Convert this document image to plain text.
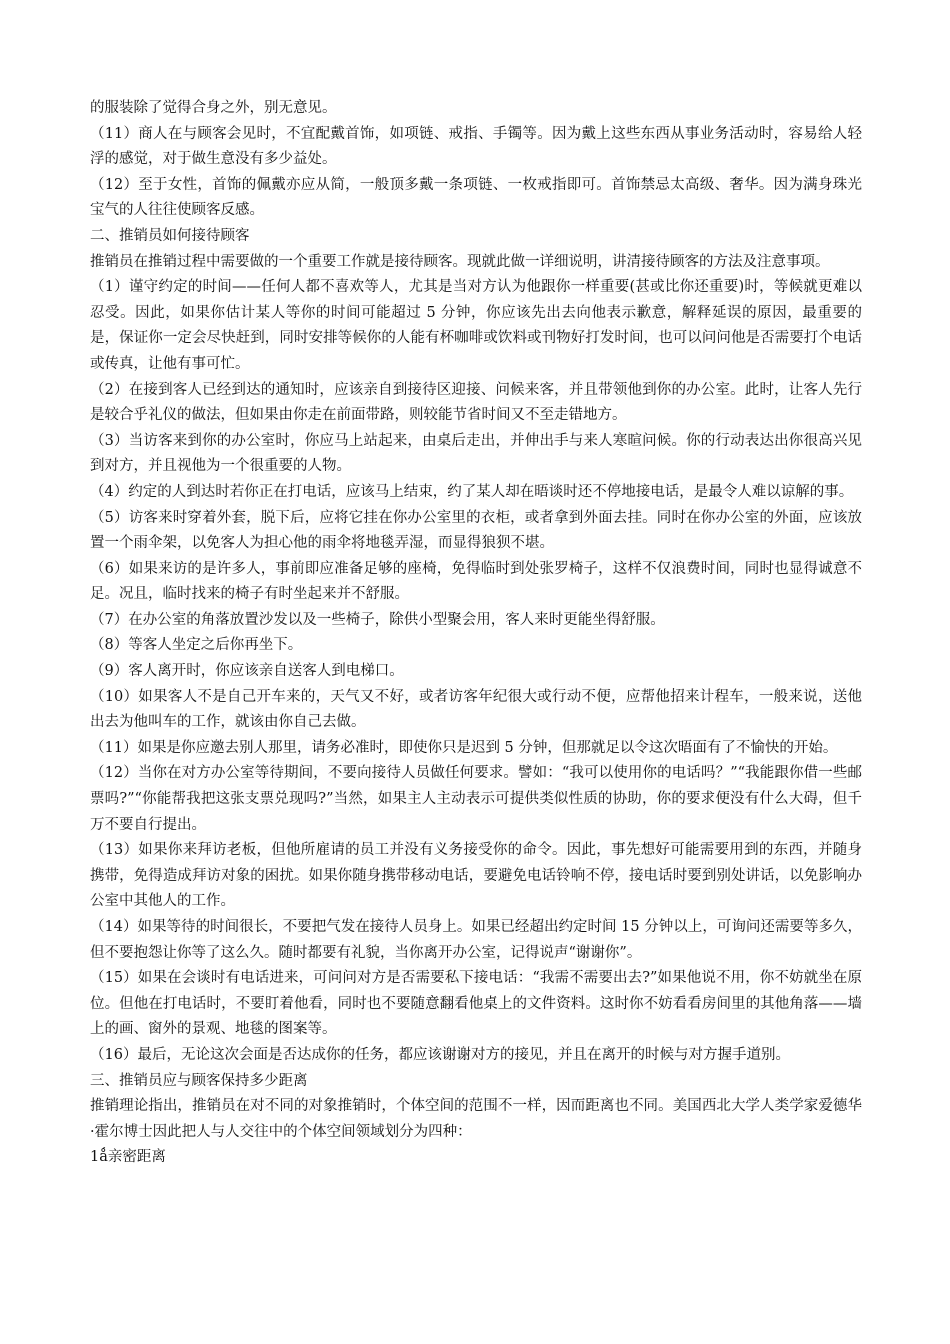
的服装除了觉得合身之外，别无意见。

（11）商人在与顾客会见时，不宜配戴首饰，如项链、戒指、手镯等。因为戴上这些东西从事业务活动时，容易给人轻浮的感觉，对于做生意没有多少益处。

（12）至于女性，首饰的佩戴亦应从简，一般顶多戴一条项链、一枚戒指即可。首饰禁忌太高级、奢华。因为满身珠光宝气的人往往使顾客反感。

二、推销员如何接待顾客

推销员在推销过程中需要做的一个重要工作就是接待顾客。现就此做一详细说明，讲清接待顾客的方法及注意事项。

（1）谨守约定的时间——任何人都不喜欢等人，尤其是当对方认为他跟你一样重要(甚或比你还重要)时，等候就更难以忍受。因此，如果你估计某人等你的时间可能超过 5 分钟，你应该先出去向他表示歉意，解释延误的原因，最重要的是，保证你一定会尽快赶到，同时安排等候你的人能有杯咖啡或饮料或刊物好打发时间，也可以问问他是否需要打个电话或传真，让他有事可忙。

（2）在接到客人已经到达的通知时，应该亲自到接待区迎接、问候来客，并且带领他到你的办公室。此时，让客人先行是较合乎礼仪的做法，但如果由你走在前面带路，则较能节省时间又不至走错地方。

（3）当访客来到你的办公室时，你应马上站起来，由桌后走出，并伸出手与来人寒暄问候。你的行动表达出你很高兴见到对方，并且视他为一个很重要的人物。

（4）约定的人到达时若你正在打电话，应该马上结束，约了某人却在晤谈时还不停地接电话，是最令人难以谅解的事。

（5）访客来时穿着外套，脱下后，应将它挂在你办公室里的衣柜，或者拿到外面去挂。同时在你办公室的外面，应该放置一个雨伞架，以免客人为担心他的雨伞将地毯弄湿，而显得狼狈不堪。

（6）如果来访的是许多人，事前即应准备足够的座椅，免得临时到处张罗椅子，这样不仅浪费时间，同时也显得诚意不足。况且，临时找来的椅子有时坐起来并不舒服。

（7）在办公室的角落放置沙发以及一些椅子，除供小型聚会用，客人来时更能坐得舒服。

（8）等客人坐定之后你再坐下。

（9）客人离开时，你应该亲自送客人到电梯口。

（10）如果客人不是自己开车来的，天气又不好，或者访客年纪很大或行动不便，应帮他招来计程车，一般来说，送他出去为他叫车的工作，就该由你自己去做。

（11）如果是你应邀去别人那里，请务必准时，即使你只是迟到 5 分钟，但那就足以令这次晤面有了不愉快的开始。

（12）当你在对方办公室等待期间，不要向接待人员做任何要求。譬如：“我可以使用你的电话吗？”“我能跟你借一些邮票吗?”“你能帮我把这张支票兑现吗?”当然，如果主人主动表示可提供类似性质的协助，你的要求便没有什么大碍，但千万不要自行提出。

（13）如果你来拜访老板，但他所雇请的员工并没有义务接受你的命令。因此，事先想好可能需要用到的东西，并随身携带，免得造成拜访对象的困扰。如果你随身携带移动电话，要避免电话铃响不停，接电话时要到别处讲话，以免影响办公室中其他人的工作。

（14）如果等待的时间很长，不要把气发在接待人员身上。如果已经超出约定时间 15 分钟以上，可询问还需要等多久，但不要抱怨让你等了这么久。随时都要有礼貌，当你离开办公室，记得说声“谢谢你”。

（15）如果在会谈时有电话进来，可问问对方是否需要私下接电话：“我需不需要出去?”如果他说不用，你不妨就坐在原位。但他在打电话时，不要盯着他看，同时也不要随意翻看他桌上的文件资料。这时你不妨看看房间里的其他角落——墙上的画、窗外的景观、地毯的图案等。

（16）最后，无论这次会面是否达成你的任务，都应该谢谢对方的接见，并且在离开的时候与对方握手道别。

三、推销员应与顾客保持多少距离

推销理论指出，推销员在对不同的对象推销时，个体空间的范围不一样，因而距离也不同。美国西北大学人类学家爱德华·霍尔博士因此把人与人交往中的个体空间领域划分为四种：

1ǻ亲密距离
